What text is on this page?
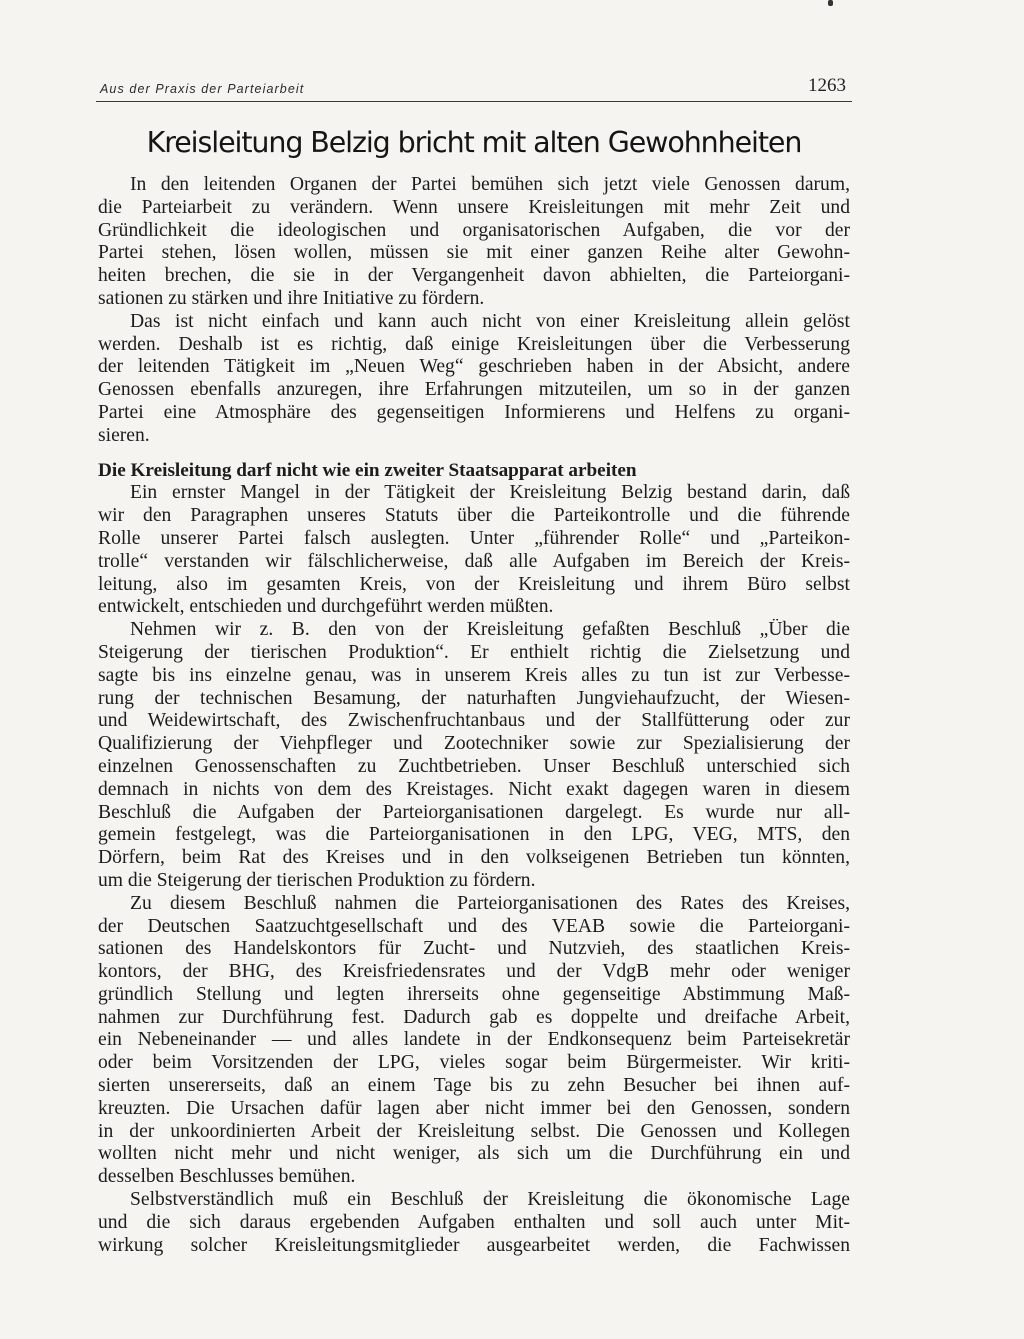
Aus der Praxis der Parteiarbeit	1263
Kreisleitung Belzig bricht mit alten Gewohnheiten
In den leitenden Organen der Partei bemühen sich jetzt viele Genossen darum,
die Parteiarbeit zu verändern. Wenn unsere Kreisleitungen mit mehr Zeit und
Gründlichkeit die ideologischen und organisatorischen Aufgaben, die vor der
Partei stehen, lösen wollen, müssen sie mit einer ganzen Reihe alter Gewohn-
heiten brechen, die sie in der Vergangenheit davon abhielten, die Parteiorgani-
sationen zu stärken und ihre Initiative zu fördern.
Das ist nicht einfach und kann auch nicht von einer Kreisleitung allein gelöst
werden. Deshalb ist es richtig, daß einige Kreisleitungen über die Verbesserung
der leitenden Tätigkeit im „Neuen Weg“ geschrieben haben in der Absicht, andere
Genossen ebenfalls anzuregen, ihre Erfahrungen mitzuteilen, um so in der ganzen
Partei eine Atmosphäre des gegenseitigen Informierens und Helfens zu organi-
sieren.
Die Kreisleitung darf nicht wie ein zweiter Staatsapparat arbeiten
Ein ernster Mangel in der Tätigkeit der Kreisleitung Belzig bestand darin, daß
wir den Paragraphen unseres Statuts über die Parteikontrolle und die führende
Rolle unserer Partei falsch auslegten. Unter „führender Rolle“ und „Parteikon-
trolle“ verstanden wir fälschlicherweise, daß alle Aufgaben im Bereich der Kreis-
leitung, also im gesamten Kreis, von der Kreisleitung und ihrem Büro selbst
entwickelt, entschieden und durchgeführt werden müßten.
Nehmen wir z. B. den von der Kreisleitung gefaßten Beschluß „Über die
Steigerung der tierischen Produktion“. Er enthielt richtig die Zielsetzung und
sagte bis ins einzelne genau, was in unserem Kreis alles zu tun ist zur Verbesse-
rung der technischen Besamung, der naturhaften Jungviehaufzucht, der Wiesen-
und Weidewirtschaft, des Zwischenfruchtanbaus und der Stallfütterung oder zur
Qualifizierung der Viehpfleger und Zootechniker sowie zur Spezialisierung der
einzelnen Genossenschaften zu Zuchtbetrieben. Unser Beschluß unterschied sich
demnach in nichts von dem des Kreistages. Nicht exakt dagegen waren in diesem
Beschluß die Aufgaben der Parteiorganisationen dargelegt. Es wurde nur all-
gemein festgelegt, was die Parteiorganisationen in den LPG, VEG, MTS, den
Dörfern, beim Rat des Kreises und in den volkseigenen Betrieben tun könnten,
um die Steigerung der tierischen Produktion zu fördern.
Zu diesem Beschluß nahmen die Parteiorganisationen des Rates des Kreises,
der Deutschen Saatzuchtgesellschaft und des VEAB sowie die Parteiorgani-
sationen des Handelskontors für Zucht- und Nutzvieh, des staatlichen Kreis-
kontors, der BHG, des Kreisfriedensrates und der VdgB mehr oder weniger
gründlich Stellung und legten ihrerseits ohne gegenseitige Abstimmung Maß-
nahmen zur Durchführung fest. Dadurch gab es doppelte und dreifache Arbeit,
ein Nebeneinander — und alles landete in der Endkonsequenz beim Parteisekretär
oder beim Vorsitzenden der LPG, vieles sogar beim Bürgermeister. Wir kriti-
sierten unsererseits, daß an einem Tage bis zu zehn Besucher bei ihnen auf-
kreuzten. Die Ursachen dafür lagen aber nicht immer bei den Genossen, sondern
in der unkoordinierten Arbeit der Kreisleitung selbst. Die Genossen und Kollegen
wollten nicht mehr und nicht weniger, als sich um die Durchführung ein und
desselben Beschlusses bemühen.
Selbstverständlich muß ein Beschluß der Kreisleitung die ökonomische Lage
und die sich daraus ergebenden Aufgaben enthalten und soll auch unter Mit-
wirkung solcher Kreisleitungsmitglieder ausgearbeitet werden, die Fachwissen
